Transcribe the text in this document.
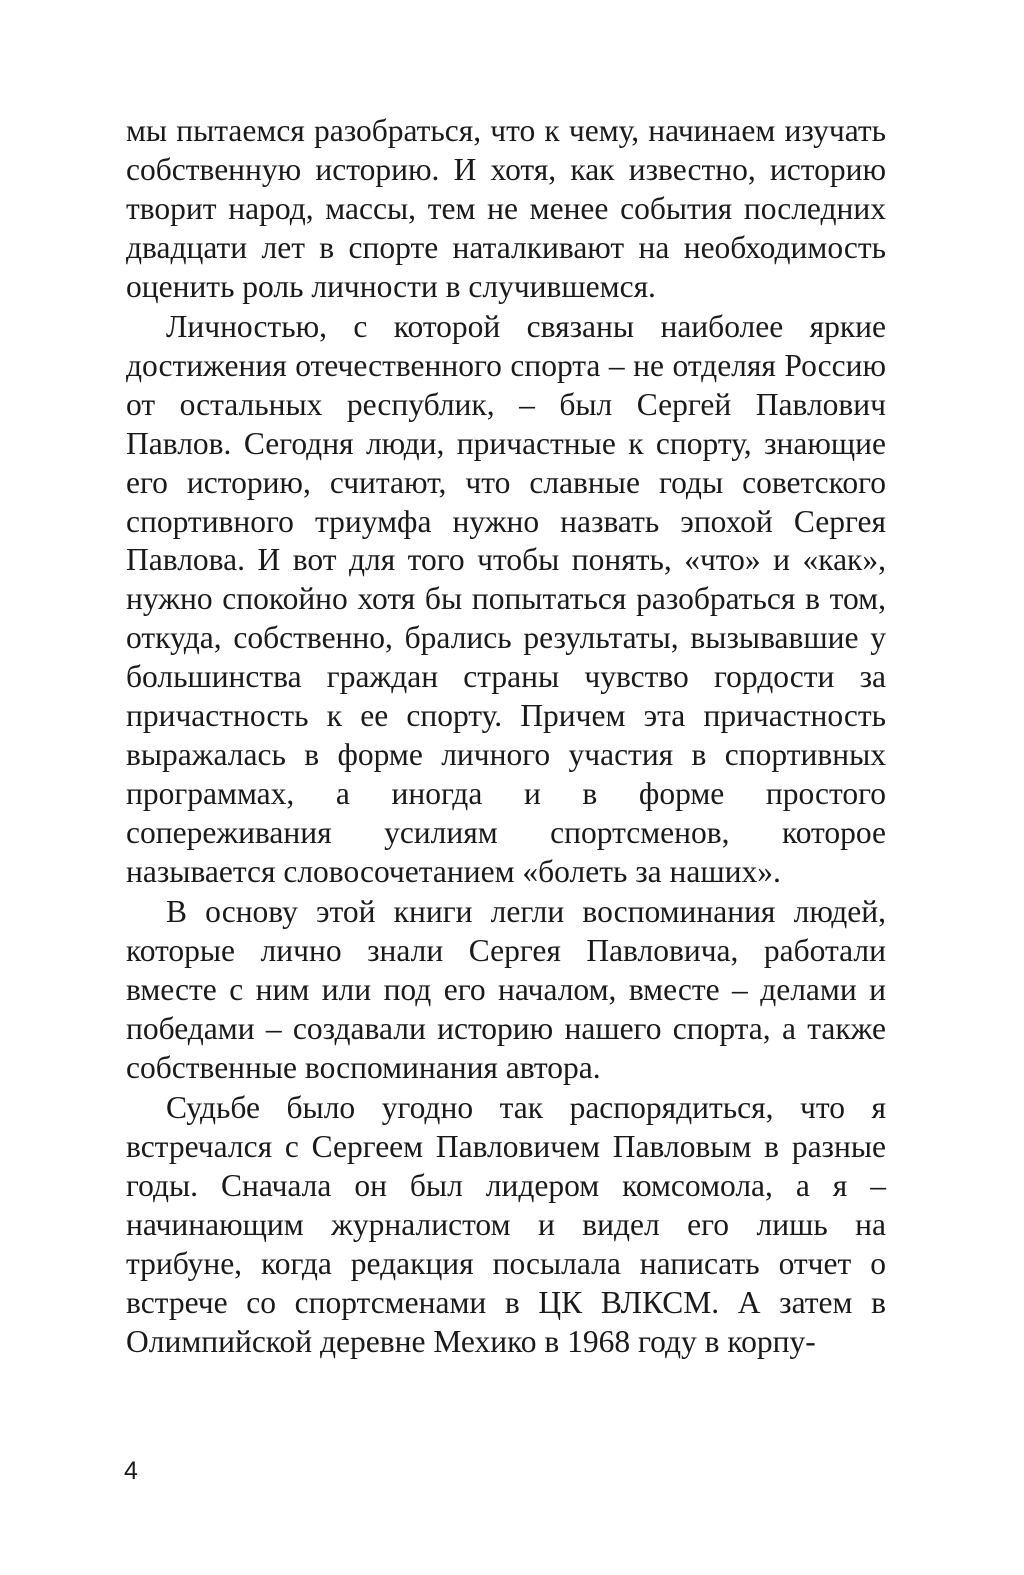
мы пытаемся разобраться, что к чему, начинаем изучать собственную историю. И хотя, как известно, историю творит народ, массы, тем не менее события последних двадцати лет в спорте наталкивают на необходимость оценить роль личности в случившемся.

Личностью, с которой связаны наиболее яркие достижения отечественного спорта – не отделяя Россию от остальных республик, – был Сергей Павлович Павлов. Сегодня люди, причастные к спорту, знающие его историю, считают, что славные годы советского спортивного триумфа нужно назвать эпохой Сергея Павлова. И вот для того чтобы понять, «что» и «как», нужно спокойно хотя бы попытаться разобраться в том, откуда, собственно, брались результаты, вызывавшие у большинства граждан страны чувство гордости за причастность к ее спорту. Причем эта причастность выражалась в форме личного участия в спортивных программах, а иногда и в форме простого сопереживания усилиям спортсменов, которое называется словосочетанием «болеть за наших».

В основу этой книги легли воспоминания людей, которые лично знали Сергея Павловича, работали вместе с ним или под его началом, вместе – делами и победами – создавали историю нашего спорта, а также собственные воспоминания автора.

Судьбе было угодно так распорядиться, что я встречался с Сергеем Павловичем Павловым в разные годы. Сначала он был лидером комсомола, а я – начинающим журналистом и видел его лишь на трибуне, когда редакция посылала написать отчет о встрече со спортсменами в ЦК ВЛКСМ. А затем в Олимпийской деревне Мехико в 1968 году в корпу-

4
